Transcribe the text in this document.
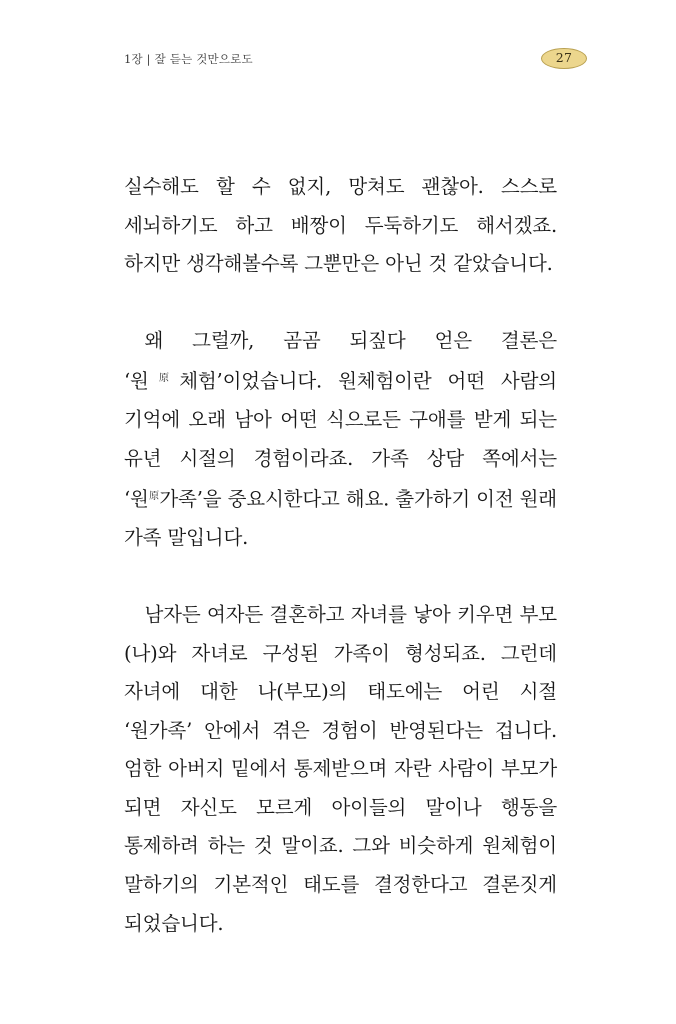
1장 | 잘 듣는 것만으로도	27

실수해도 할 수 없지, 망쳐도 괜찮아. 스스로 세뇌하기도 하고 배짱이 두둑하기도 해서겠죠. 하지만 생각해볼수록 그뿐만은 아닌 것 같았습니다.

왜 그럴까, 곰곰 되짚다 얻은 결론은 ‘원$^原$체험’이었습니다. 원체험이란 어떤 사람의 기억에 오래 남아 어떤 식으로든 구애를 받게 되는 유년 시절의 경험이라죠. 가족 상담 쪽에서는 ‘원$^原$가족’을 중요시한다고 해요. 출가하기 이전 원래 가족 말입니다.

남자든 여자든 결혼하고 자녀를 낳아 키우면 부모(나)와 자녀로 구성된 가족이 형성되죠. 그런데 자녀에 대한 나(부모)의 태도에는 어린 시절 ‘원가족’ 안에서 겪은 경험이 반영된다는 겁니다. 엄한 아버지 밑에서 통제받으며 자란 사람이 부모가 되면 자신도 모르게 아이들의 말이나 행동을 통제하려 하는 것 말이죠. 그와 비슷하게 원체험이 말하기의 기본적인 태도를 결정한다고 결론짓게 되었습니다.
